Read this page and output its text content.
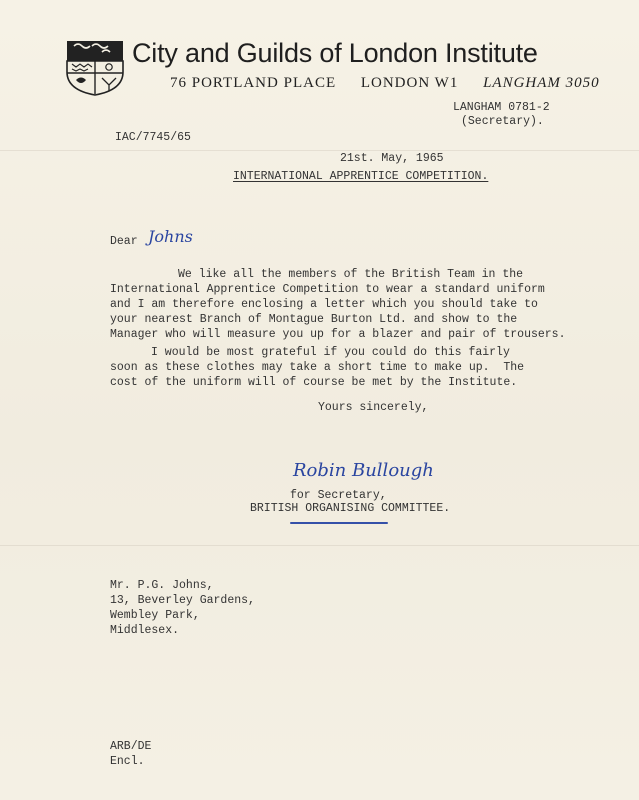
City and Guilds of London Institute
76 PORTLAND PLACE LONDON W1 LANGHAM 3050
LANGHAM 0781-2
(Secretary).
IAC/7745/65
21st. May, 1965
INTERNATIONAL APPRENTICE COMPETITION.
Dear Johns
We like all the members of the British Team in the
International Apprentice Competition to wear a standard uniform
and I am therefore enclosing a letter which you should take to
your nearest Branch of Montague Burton Ltd. and show to the
Manager who will measure you up for a blazer and pair of trousers.
I would be most grateful if you could do this fairly
soon as these clothes may take a short time to make up.  The
cost of the uniform will of course be met by the Institute.
Yours sincerely,
Robin Bullough
for Secretary,
BRITISH ORGANISING COMMITTEE.
Mr. P.G. Johns,
13, Beverley Gardens,
Wembley Park,
Middlesex.
ARB/DE
Encl.
